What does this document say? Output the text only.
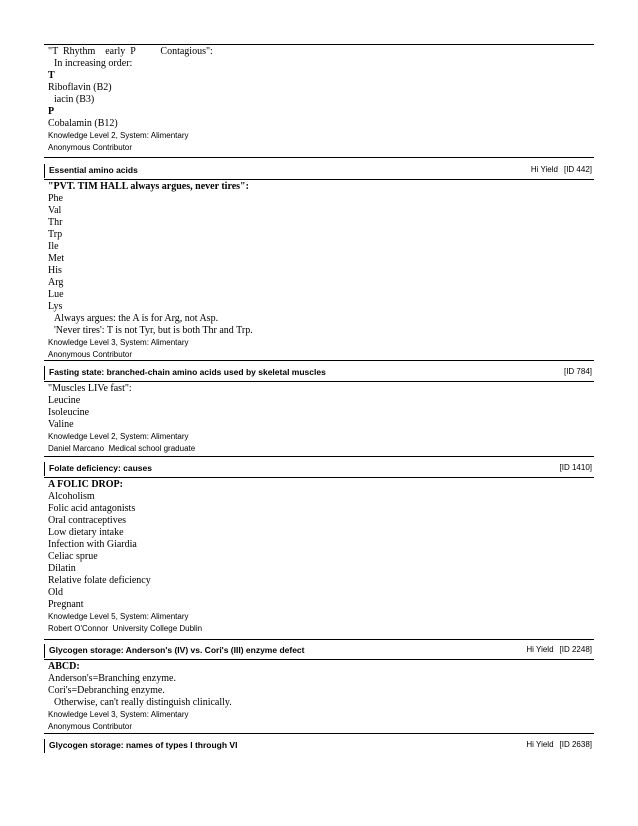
"T  Rhythm    early  P          Contagious":
In increasing order:
T
Riboflavin (B2)
iacin (B3)
P
Cobalamin (B12)
Knowledge Level 2, System: Alimentary
Anonymous Contributor
Essential amino acids	Hi Yield [ID 442]
"PVT. TIM HALL always argues, never tires":
Phe
Val
Thr
Trp
Ile
Met
His
Arg
Lue
Lys
Always argues: the A is for Arg, not Asp.
'Never tires': T is not Tyr, but is both Thr and Trp.
Knowledge Level 3, System: Alimentary
Anonymous Contributor
Fasting state: branched-chain amino acids used by skeletal muscles	[ID 784]
"Muscles LIVe fast":
Leucine
Isoleucine
Valine
Knowledge Level 2, System: Alimentary
Daniel Marcano  Medical school graduate
Folate deficiency: causes	[ID 1410]
A FOLIC DROP:
Alcoholism
Folic acid antagonists
Oral contraceptives
Low dietary intake
Infection with Giardia
Celiac sprue
Dilatin
Relative folate deficiency
Old
Pregnant
Knowledge Level 5, System: Alimentary
Robert O'Connor  University College Dublin
Glycogen storage: Anderson's (IV) vs. Cori's (III) enzyme defect	Hi Yield [ID 2248]
ABCD:
Anderson's=Branching enzyme.
Cori's=Debranching enzyme.
Otherwise, can't really distinguish clinically.
Knowledge Level 3, System: Alimentary
Anonymous Contributor
Glycogen storage: names of types I through VI	Hi Yield [ID 2638]
